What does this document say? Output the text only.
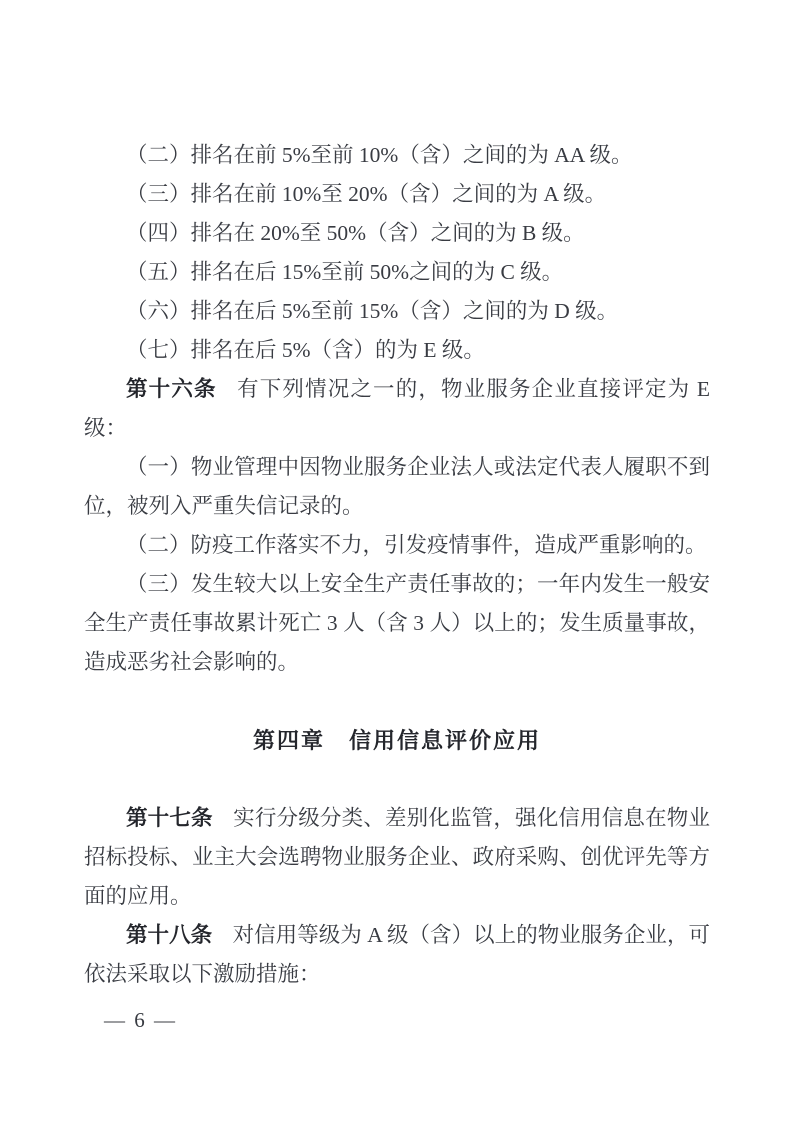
（二）排名在前 5%至前 10%（含）之间的为 AA 级。

（三）排名在前 10%至 20%（含）之间的为 A 级。

（四）排名在 20%至 50%（含）之间的为 B 级。

（五）排名在后 15%至前 50%之间的为 C 级。

（六）排名在后 5%至前 15%（含）之间的为 D 级。

（七）排名在后 5%（含）的为 E 级。

第十六条 有下列情况之一的，物业服务企业直接评定为 E 级：

（一）物业管理中因物业服务企业法人或法定代表人履职不到位，被列入严重失信记录的。

（二）防疫工作落实不力，引发疫情事件，造成严重影响的。

（三）发生较大以上安全生产责任事故的；一年内发生一般安全生产责任事故累计死亡 3 人（含 3 人）以上的；发生质量事故，造成恶劣社会影响的。

第四章　信用信息评价应用

第十七条 实行分级分类、差别化监管，强化信用信息在物业招标投标、业主大会选聘物业服务企业、政府采购、创优评先等方面的应用。

第十八条 对信用等级为 A 级（含）以上的物业服务企业，可依法采取以下激励措施：

— 6 —
